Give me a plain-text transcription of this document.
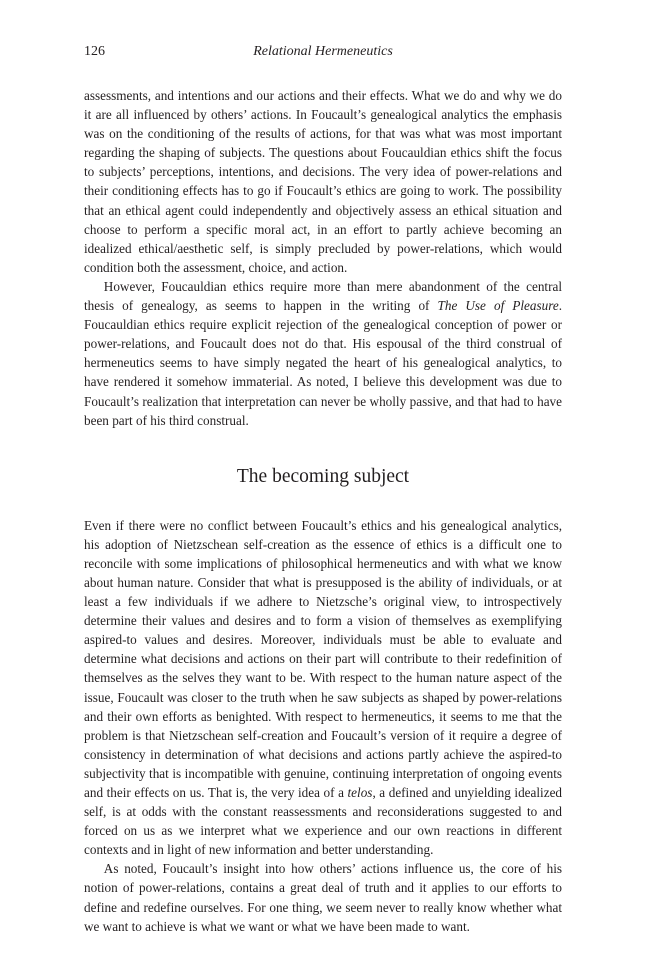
126	Relational Hermeneutics

assessments, and intentions and our actions and their effects. What we do and why we do it are all influenced by others’ actions. In Foucault’s genealogical analytics the emphasis was on the conditioning of the results of actions, for that was what was most important regarding the shaping of subjects. The questions about Foucauldian ethics shift the focus to subjects’ perceptions, intentions, and decisions. The very idea of power-relations and their conditioning effects has to go if Foucault’s ethics are going to work. The possibility that an ethical agent could independently and objectively assess an ethical situation and choose to perform a specific moral act, in an effort to partly achieve becoming an idealized ethical/aesthetic self, is simply precluded by power-relations, which would condition both the assessment, choice, and action.

However, Foucauldian ethics require more than mere abandonment of the central thesis of genealogy, as seems to happen in the writing of The Use of Pleasure. Foucauldian ethics require explicit rejection of the genealogical conception of power or power-relations, and Foucault does not do that. His espousal of the third construal of hermeneutics seems to have simply negated the heart of his genealogical analytics, to have rendered it somehow immaterial. As noted, I believe this development was due to Foucault’s realization that interpretation can never be wholly passive, and that had to have been part of his third construal.

The becoming subject

Even if there were no conflict between Foucault’s ethics and his genealogical analytics, his adoption of Nietzschean self-creation as the essence of ethics is a difficult one to reconcile with some implications of philosophical hermeneutics and with what we know about human nature. Consider that what is presupposed is the ability of individuals, or at least a few individuals if we adhere to Nietzsche’s original view, to introspectively determine their values and desires and to form a vision of themselves as exemplifying aspired-to values and desires. Moreover, individuals must be able to evaluate and determine what decisions and actions on their part will contribute to their redefinition of themselves as the selves they want to be. With respect to the human nature aspect of the issue, Foucault was closer to the truth when he saw subjects as shaped by power-relations and their own efforts as benighted. With respect to hermeneutics, it seems to me that the problem is that Nietzschean self-creation and Foucault’s version of it require a degree of consistency in determination of what decisions and actions partly achieve the aspired-to subjectivity that is incompatible with genuine, continuing interpretation of ongoing events and their effects on us. That is, the very idea of a telos, a defined and unyielding idealized self, is at odds with the constant reassessments and reconsiderations suggested to and forced on us as we interpret what we experience and our own reactions in different contexts and in light of new information and better understanding.

As noted, Foucault’s insight into how others’ actions influence us, the core of his notion of power-relations, contains a great deal of truth and it applies to our efforts to define and redefine ourselves. For one thing, we seem never to really know whether what we want to achieve is what we want or what we have been made to want.
